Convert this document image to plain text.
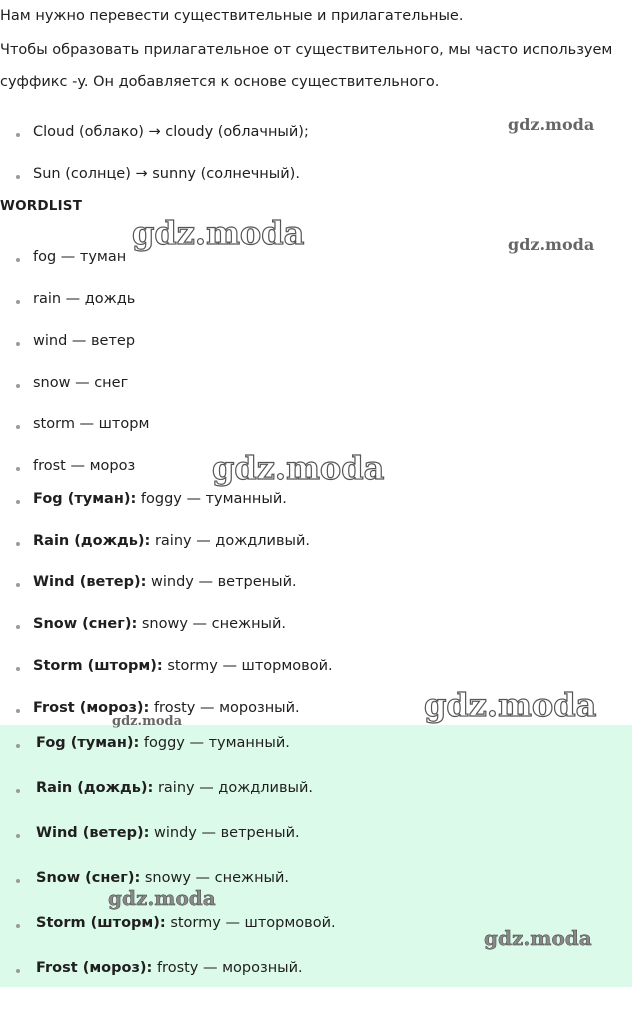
Нам нужно перевести существительные и прилагательные.
Чтобы образовать прилагательное от существительного, мы часто используем
суффикс -y. Он добавляется к основе существительного.
Cloud (облако) → cloudy (облачный);
Sun (солнце) → sunny (солнечный).
WORDLIST
fog — туман
rain — дождь
wind — ветер
snow — снег
storm — шторм
frost — мороз
Fog (туман): foggy — туманный.
Rain (дождь): rainy — дождливый.
Wind (ветер): windy — ветреный.
Snow (снег): snowy — снежный.
Storm (шторм): stormy — штормовой.
Frost (мороз): frosty — морозный.
Fog (туман): foggy — туманный.
Rain (дождь): rainy — дождливый.
Wind (ветер): windy — ветреный.
Snow (снег): snowy — снежный.
Storm (шторм): stormy — штормовой.
Frost (мороз): frosty — морозный.
gdz.moda
gdz.moda	gdz.moda
gdz.moda
gdz.moda
gdz.moda
gdz.moda
gdz.moda
